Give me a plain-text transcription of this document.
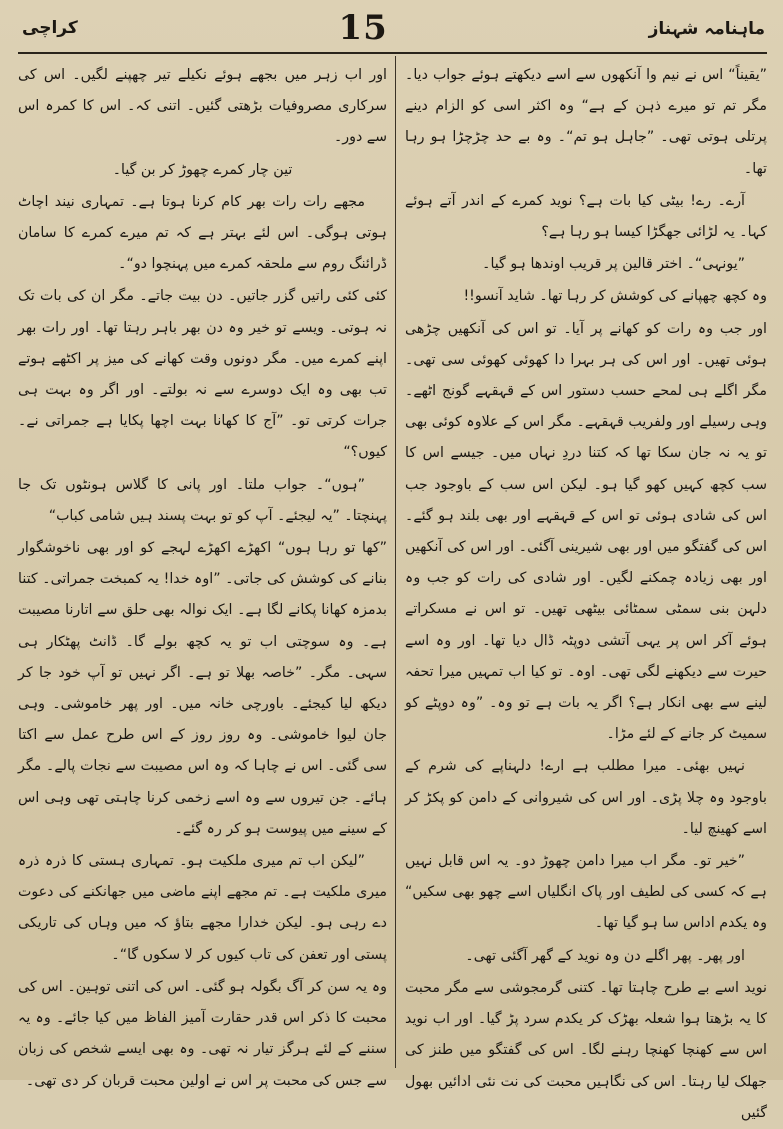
کراچی	15	ماہنامہ شہناز

”یقیناً“ اس نے نیم وا آنکھوں سے اسے دیکھتے ہوئے جواب دیا۔ مگر تم تو میرے ذہن کے ہے“ وہ اکثر اسی کو الزام دینے پرتلی ہوتی تھی۔ ”جاہل ہو تم“۔ وہ بے حد چڑچڑا ہو رہا تھا۔

آرے۔ رے! بیٹی کیا بات ہے؟ نوید کمرے کے اندر آتے ہوئے کہا۔ یہ لڑائی جھگڑا کیسا ہو رہا ہے؟

”یونہی“۔ اختر قالین پر قریب اوندھا ہو گیا۔

وہ کچھ چھپانے کی کوشش کر رہا تھا۔ شاید آنسو!!

اور جب وہ رات کو کھانے پر آیا۔ تو اس کی آنکھیں چڑھی ہوئی تھیں۔ اور اس کی ہر بہرا دا کھوئی کھوئی سی تھی۔ مگر اگلے ہی لمحے حسب دستور اس کے قہقہے گونج اٹھے۔ وہی رسیلے اور ولفریب قہقہے۔ مگر اس کے علاوہ کوئی بھی تو یہ نہ جان سکا تھا کہ کتنا دردِ نہاں میں۔ جیسے اس کا سب کچھ کہیں کھو گیا ہو۔ لیکن اس سب کے باوجود جب اس کی شادی ہوئی تو اس کے قہقہے اور بھی بلند ہو گئے۔ اس کی گفتگو میں اور بھی شیرینی آگئی۔ اور اس کی آنکھیں اور بھی زیادہ چمکنے لگیں۔ اور شادی کی رات کو جب وہ دلہن بنی سمٹی سمٹائی بیٹھی تھیں۔ تو اس نے مسکراتے ہوئے آکر اس پر یہی آتشی دوپٹہ ڈال دیا تھا۔ اور وہ اسے حیرت سے دیکھنے لگی تھی۔ اوہ۔ تو کیا اب تمہیں میرا تحفہ لینے سے بھی انکار ہے؟ اگر یہ بات ہے تو وہ۔ ”وہ دوپٹے کو سمیٹ کر جانے کے لئے مڑا۔

نہیں بھئی۔ میرا مطلب ہے ارے! دلہناپے کی شرم کے باوجود وہ چلا پڑی۔ اور اس کی شیروانی کے دامن کو پکڑ کر اسے کھینچ لیا۔

”خیر تو۔ مگر اب میرا دامن چھوڑ دو۔ یہ اس قابل نہیں ہے کہ کسی کی لطیف اور پاک انگلیاں اسے چھو بھی سکیں“ وہ یکدم اداس سا ہو گیا تھا۔

اور پھر۔ پھر اگلے دن وہ نوید کے گھر آگئی تھی۔

نوید اسے بے طرح چاہتا تھا۔ کتنی گرمجوشی سے مگر محبت کا یہ بڑھتا ہوا شعلہ بھڑک کر یکدم سرد پڑ گیا۔ اور اب نوید اس سے کھنچا کھنچا رہنے لگا۔ اس کی گفتگو میں طنز کی جھلک لیا رہتا۔ اس کی نگاہیں محبت کی نت نئی ادائیں بھول گئیں

اور اب زہر میں بجھے ہوئے نکیلے تیر چھپنے لگیں۔ اس کی سرکاری مصروفیات بڑھتی گئیں۔ اتنی کہ۔ اس کا کمرہ اس سے دور۔

تین چار کمرے چھوڑ کر بن گیا۔

مجھے رات رات بھر کام کرنا ہوتا ہے۔ تمہاری نیند اچاٹ ہوتی ہوگی۔ اس لئے بہتر ہے کہ تم میرے کمرے کا سامان ڈرائنگ روم سے ملحقہ کمرے میں پہنچوا دو“۔

کئی کئی راتیں گزر جاتیں۔ دن بیت جاتے۔ مگر ان کی بات تک نہ ہوتی۔ ویسے تو خیر وہ دن بھر باہر رہتا تھا۔ اور رات بھر اپنے کمرے میں۔ مگر دونوں وقت کھانے کی میز پر اکٹھے ہوتے تب بھی وہ ایک دوسرے سے نہ بولتے۔ اور اگر وہ بہت ہی جرات کرتی تو۔ ”آج کا کھانا بہت اچھا پکایا ہے جمراتی نے۔ کیوں؟“

”ہوں“۔ جواب ملتا۔ اور پانی کا گلاس ہونٹوں تک جا پہنچتا۔ ”یہ لیجئے۔ آپ کو تو بہت پسند ہیں شامی کباب“

”کھا تو رہا ہوں“ اکھڑے اکھڑے لہجے کو اور بھی ناخوشگوار بنانے کی کوشش کی جاتی۔ ”اوہ خدا! یہ کمبخت جمراتی۔ کتنا بدمزہ کھانا پکانے لگا ہے۔ ایک نوالہ بھی حلق سے اتارنا مصیبت ہے۔ وہ سوچتی اب تو یہ کچھ بولے گا۔ ڈانٹ پھٹکار ہی سہی۔ مگر۔ ”خاصہ بھلا تو ہے۔ اگر نہیں تو آپ خود جا کر دیکھ لیا کیجئے۔ باورچی خانہ میں۔ اور پھر خاموشی۔ وہی جان لیوا خاموشی۔ وہ روز روز کے اس طرح عمل سے اکتا سی گئی۔ اس نے چاہا کہ وہ اس مصیبت سے نجات پالے۔ مگر ہائے۔ جن تیروں سے وہ اسے زخمی کرنا چاہتی تھی وہی اس کے سینے میں پیوست ہو کر رہ گئے۔

”لیکن اب تم میری ملکیت ہو۔ تمہاری ہستی کا ذرہ ذرہ میری ملکیت ہے۔ تم مجھے اپنے ماضی میں جھانکنے کی دعوت دے رہی ہو۔ لیکن خدارا مجھے بتاؤ کہ میں وہاں کی تاریکی پستی اور تعفن کی تاب کیوں کر لا سکوں گا“۔

وہ یہ سن کر آگ بگولہ ہو گئی۔ اس کی اتنی توہین۔ اس کی محبت کا ذکر اس قدر حقارت آمیز الفاظ میں کیا جائے۔ وہ یہ سننے کے لئے ہرگز تیار نہ تھی۔ وہ بھی ایسے شخص کی زبان سے جس کی محبت پر اس نے اولین محبت قربان کر دی تھی۔
